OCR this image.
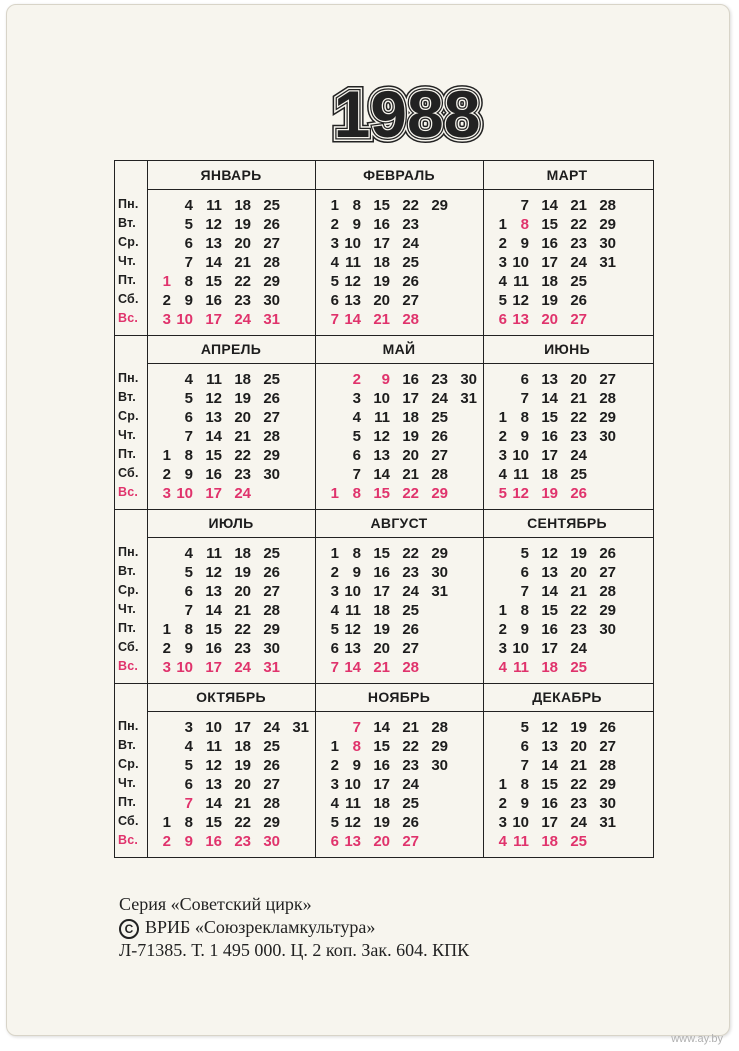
Пн.
Вт.
Ср.
Чт.
Пт.
Сб.
Вс.
ЯНВАРЬ
4 11 18 25
5 12 19 26
6 13 20 27
7 14 21 28
1 8 15 22 29
2 9 16 23 30
3 10 17 24 31
ФЕВРАЛЬ
1 8 15 22 29
2 9 16 23
3 10 17 24
4 11 18 25
5 12 19 26
6 13 20 27
7 14 21 28
МАРТ
7 14 21 28
1 8 15 22 29
2 9 16 23 30
3 10 17 24 31
4 11 18 25
5 12 19 26
6 13 20 27
Пн.
Вт.
Ср.
Чт.
Пт.
Сб.
Вс.
АПРЕЛЬ
4 11 18 25
5 12 19 26
6 13 20 27
7 14 21 28
1 8 15 22 29
2 9 16 23 30
3 10 17 24
МАЙ
2	9 16 23 30
3 10 17 24 31
4 11 18 25
5 12 19 26
6 13 20 27
7 14 21 28
1 8 15 22 29
ИЮНЬ
6 13 20 27
7 14 21 28
1 8 15 22 29
2 9 16 23 30
3 10 17 24
4 11 18 25
5 12 19 26
Пн.
Вт.
Ср.
Чт.
Пт.
Сб.
Вс.
ИЮЛЬ
4 11 18 25
5 12 19 26
6 13 20 27
7 14 21 28
1 8 15 22 29
2 9 16 23 30
3 10 17 24 31
АВГУСТ
1 8 15 22 29
2 9 16 23 30
3 10 17 24 31
4 11 18 25
5 12 19 26
6 13 20 27
7 14 21 28
СЕНТЯБРЬ
5 12 19 26
6 13 20 27
7 14 21 28
1 8 15 22 29
2 9 16 23 30
3 10 17 24
4 11 18 25
Пн.
Вт.
Ср.
Чт.
Пт.
Сб.
Вс.
ОКТЯБРЬ
3 10 17 24 31
4 11 18 25
5 12 19 26
6 13 20 27
7 14 21 28
1 8 15 22 29
2 9 16 23 30
НОЯБРЬ
7 14 21 28
1 8 15 22 29
2 9 16 23 30
3 10 17 24
4 11 18 25
5 12 19 26
6 13 20 27
ДЕКАБРЬ
5 12 19 26
6 13 20 27
7 14 21 28
1 8 15 22 29
2 9 16 23 30
3 10 17 24 31
4 11 18 25
Серия «Советский цирк»
С ВРИБ «Союзрекламкультура»
Л-71385. Т. 1 495 000. Ц. 2 коп. Зак. 604. КПК
www.ay.by
